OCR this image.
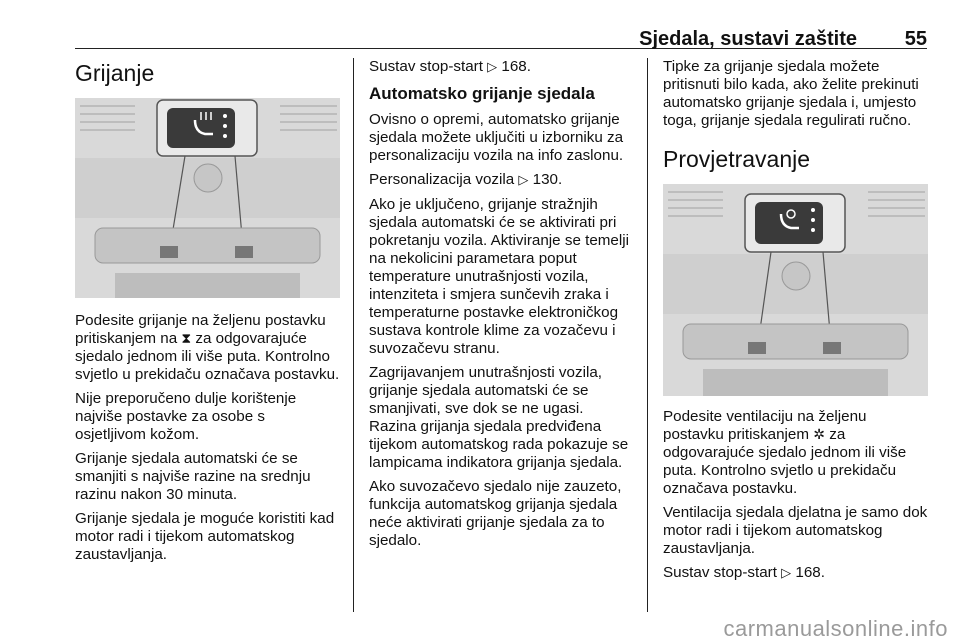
Sjedala, sustavi zaštite 55
Grijanje

Podesite grijanje na željenu postavku pritiskanjem na ⧗ za odgovarajuće sjedalo jednom ili više puta. Kontrolno svjetlo u prekidaču označava postavku.

Nije preporučeno dulje korištenje najviše postavke za osobe s osjetljivom kožom.

Grijanje sjedala automatski će se smanjiti s najviše razine na srednju razinu nakon 30 minuta.

Grijanje sjedala je moguće koristiti kad motor radi i tijekom automatskog zaustavljanja.

Sustav stop-start ▷ 168.

Automatsko grijanje sjedala

Ovisno o opremi, automatsko grijanje sjedala možete uključiti u izborniku za personalizaciju vozila na info zaslonu.

Personalizacija vozila ▷ 130.

Ako je uključeno, grijanje stražnjih sjedala automatski će se aktivirati pri pokretanju vozila. Aktiviranje se temelji na nekolicini parametara poput temperature unutrašnjosti vozila, intenziteta i smjera sunčevih zraka i temperaturne postavke elektroničkog sustava kontrole klime za vozačevu i suvozačevu stranu.

Zagrijavanjem unutrašnjosti vozila, grijanje sjedala automatski će se smanjivati, sve dok se ne ugasi. Razina grijanja sjedala predviđena tijekom automatskog rada pokazuje se lampicama indikatora grijanja sjedala.

Ako suvozačevo sjedalo nije zauzeto, funkcija automatskog grijanja sjedala neće aktivirati grijanje sjedala za to sjedalo.

Tipke za grijanje sjedala možete pritisnuti bilo kada, ako želite prekinuti automatsko grijanje sjedala i, umjesto toga, grijanje sjedala regulirati ručno.

Provjetravanje

Podesite ventilaciju na željenu postavku pritiskanjem ✲ za odgovarajuće sjedalo jednom ili više puta. Kontrolno svjetlo u prekidaču označava postavku.

Ventilacija sjedala djelatna je samo dok motor radi i tijekom automatskog zaustavljanja.

Sustav stop-start ▷ 168.

carmanualsonline.info
